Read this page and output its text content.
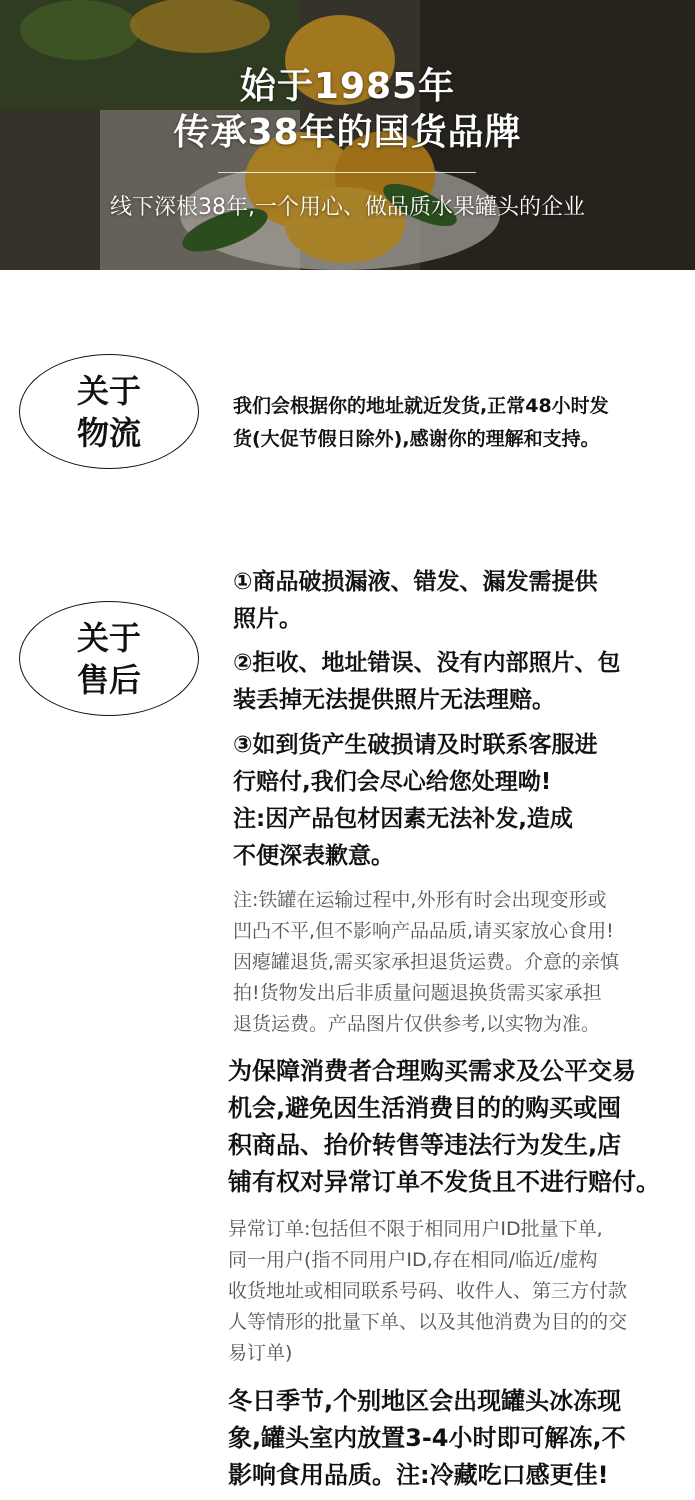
始于1985年
传承38年的国货品牌
线下深根38年,一个用心、做品质水果罐头的企业
关于
物流
我们会根据你的地址就近发货,正常48小时发
货(大促节假日除外),感谢你的理解和支持。
关于
售后
①商品破损漏液、错发、漏发需提供
照片。
②拒收、地址错误、没有内部照片、包
装丢掉无法提供照片无法理赔。
③如到货产生破损请及时联系客服进
行赔付,我们会尽心给您处理呦!
注:因产品包材因素无法补发,造成
不便深表歉意。
注:铁罐在运输过程中,外形有时会出现变形或
凹凸不平,但不影响产品品质,请买家放心食用!
因瘪罐退货,需买家承担退货运费。介意的亲慎
拍!货物发出后非质量问题退换货需买家承担
退货运费。产品图片仅供参考,以实物为准。
为保障消费者合理购买需求及公平交易
机会,避免因生活消费目的的购买或囤
积商品、抬价转售等违法行为发生,店
铺有权对异常订单不发货且不进行赔付。
异常订单:包括但不限于相同用户ID批量下单,
同一用户(指不同用户ID,存在相同/临近/虚构
收货地址或相同联系号码、收件人、第三方付款
人等情形的批量下单、以及其他消费为目的的交
易订单)
冬日季节,个别地区会出现罐头冰冻现
象,罐头室内放置3-4小时即可解冻,不
影响食用品质。注:冷藏吃口感更佳!
